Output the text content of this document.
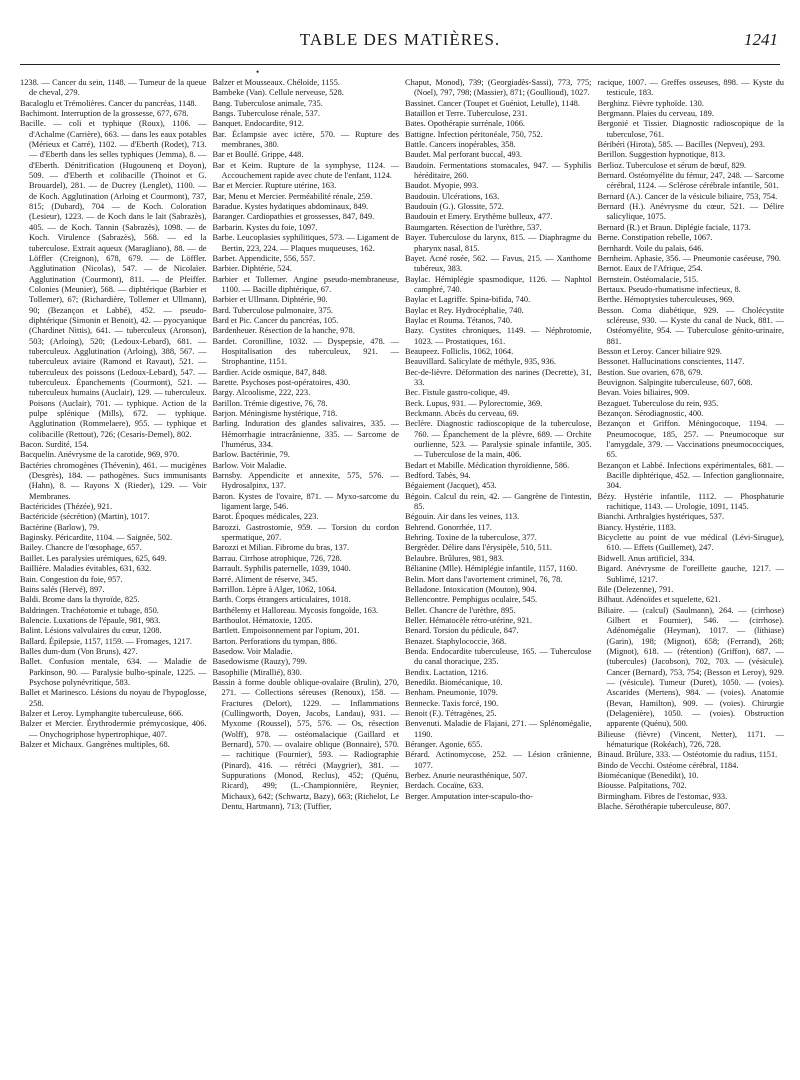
TABLE DES MATIÈRES.	1241
•

1238. — Cancer du sein, 1148. — Tumeur de la queue de cheval, 279.

Bacaloglu et Trémolières. Cancer du pancréas, 1148.

Bachimont. Interruption de la grossesse, 677, 678.

Bacille. — coli et typhique (Roux), 1106. — d'Achalme (Carrière), 663. — dans les eaux potables (Mérieux et Carré), 1102. — d'Eberth (Rodet), 713. — d'Eberth dans les selles typhiques (Jemma), 8. — d'Eberth. Dénitrification (Hugounenq et Doyon), 509. — d'Eberth et colibacille (Thoinot et G. Brouardel), 281. — de Ducrey (Lenglet), 1100. — de Koch. Agglutination (Arloing et Courmont), 737, 815; (Dubard), 704 — de Koch. Coloration (Lesieur), 1223. — de Koch dans le lait (Sabrazès), 405. — de Koch. Tannin (Sabrazès), 1098. — de Koch. Virulence (Sabrazès), 568. — ed la tuberculose. Extrait aqueux (Maragliano), 88. — de Löffler (Creignon), 678, 679. — de Löffler. Agglutination (Nicolas), 547. — de Nicolaïer. Agglutination (Courmont), 811. — de Pfeiffer. Colonies (Meunier), 568. — diphtérique (Barbier et Tollemer), 67; (Richardière, Tollemer et Ullmann), 90; (Bezançon et Labbé), 452. — pseudo-diphtérique (Simonin et Benoit), 42. — pyocyanique (Chardinet Nittis), 641. — tuberculeux (Aronson), 503; (Arloing), 520; (Ledoux-Lebard), 681. — tuberculeux. Agglutination (Arloing), 388, 567. — tuberculeux aviaire (Ramond et Ravaut), 521. — tuberculeux des poissons (Ledoux-Lebard), 547. — tuberculeux. Épanchements (Courmont), 521. — tuberculeux humains (Auclair), 129. — tuberculeux. Poisons (Auclair), 701. — typhique. Action de la pulpe splénique (Mills), 672. — typhique. Agglutination (Rommelaere), 955. — typhique et colibacille (Rettout), 726; (Cesaris-Demel), 802.

Bacon. Surdité, 154.

Bacquelin. Anévrysme de la carotide, 969, 970.

Bactéries chromogènes (Thévenin), 461. — mucigènes (Desgrès), 184. — pathogènes. Sucs immunisants (Hahn), 8. — Rayons X (Rieder), 129. — Voir Membranes.

Bactéricides (Thézée), 921.

Bactéricide (sécrétion) (Martin), 1017.

Bactérine (Barlow), 79.

Baginsky. Péricardite, 1104. — Saignée, 502.

Bailey. Chancre de l'œsophage, 657.

Baillet. Les paralysies urémiques, 625, 649.

Baillière. Maladies évitables, 631, 632.

Bain. Congestion du foie, 957.

Bains salés (Hervé), 897.

Baldi. Brome dans la thyroïde, 825.

Baldringen. Trachéotomie et tubage, 850.

Balencie. Luxations de l'épaule, 981, 983.

Balint. Lésions valvulaires du cœur, 1208.

Ballard. Épilepsie, 1157, 1159. — Fromages, 1217.

Balles dum-dum (Von Bruns), 427.

Ballet. Confusion mentale, 634. — Maladie de Parkinson, 90. — Paralysie bulbo-spinale, 1225. — Psychose polynévritique, 583.

Ballet et Marinesco. Lésions du noyau de l'hypoglosse, 258.

Balzer et Leroy. Lymphangite tuberculeuse, 666.

Balzer et Mercier. Érythrodermie prémycosique, 406. — Onychogriphose hypertrophique, 407.

Balzer et Michaux. Gangrènes multiples, 68.

Balzer et Mousseaux. Chéloïde, 1155.

Bambeke (Van). Cellule nerveuse, 528.

Bang. Tuberculose animale, 735.

Bangs. Tuberculose rénale, 537.

Banquet. Endocardite, 912.

Bar. Éclampsie avec ictère, 570. — Rupture des membranes, 380.

Bar et Boullé. Grippe, 448.

Bar et Keim. Rupture de la symphyse, 1124. — Accouchement rapide avec chute de l'enfant, 1124.

Bar et Mercier. Rupture utérine, 163.

Bar, Menu et Mercier. Perméabilité rénale, 259.

Baradue. Kystes hydatiques abdominaux, 849.

Baranger. Cardiopathies et grossesses, 847, 849.

Barbarin. Kystes du foie, 1097.

Barbe. Leucoplasies syphilitiques, 573. — Ligament de Bertin, 223, 224. — Plaques muqueuses, 162.

Barbet. Appendicite, 556, 557.

Barbier. Diphtérie, 524.

Barbier et Tollemer. Angine pseudo-membraneuse, 1100. — Bacille diphtérique, 67.

Barbier et Ullmann. Diphtérie, 90.

Bard. Tuberculose pulmonaire, 375.

Bard et Pic. Cancer du pancréas, 105.

Bardenheuer. Résection de la hanche, 978.

Bardet. Coronilline, 1032. — Dyspepsie, 478. — Hospitalisation des tuberculeux, 921. — Strophantine, 1151.

Bardier. Acide osmique, 847, 848.

Barette. Psychoses post-opératoires, 430.

Bargy. Alcoolisme, 222, 223.

Barillon. Trémie digestive, 76, 78.

Barjon. Méningisme hystérique, 718.

Barling. Induration des glandes salivaires, 335. — Hémorrhagie intracrânienne, 335. — Sarcome de l'humérus, 334.

Barlow. Bactérinie, 79.

Barlow. Voir Maladie.

Barnsby. Appendicite et annexite, 575, 576. — Hydrosalpinx, 137.

Baron. Kystes de l'ovaire, 871. — Myxo-sarcome du ligament large, 546.

Barot. Époques médicales, 223.

Barozzi. Gastrostomie, 959. — Torsion du cordon spermatique, 207.

Barozzi et Milian. Fibrome du bras, 137.

Barrau. Cirrhose atrophique, 726, 728.

Barrault. Syphilis paternelle, 1039, 1040.

Barré. Aliment de réserve, 345.

Barrillon. Lèpre à Alger, 1062, 1064.

Barth. Corps étrangers articulaires, 1018.

Barthélemy et Halloreau. Mycosis fongoïde, 163.

Barthoulot. Hématoxie, 1205.

Bartlett. Empoisonnement par l'opium, 201.

Barton. Perforations du tympan, 886.

Basedow. Voir Maladie.

Basedowisme (Rauzy), 799.

Basophilie (Mirallié), 830.

Bassin à forme double oblique-ovalaire (Brulin), 270, 271. — Collections séreuses (Renoux), 158. — Fractures (Delort), 1229. — Inflammations (Cullingworth, Doyen, Jacobs, Landau), 931. — Myxome (Roussel), 575, 576. — Os, résection (Wolff), 978. — ostéomalacique (Gaillard et Bernard), 570. — ovalaire oblique (Bonnaire), 570. — rachitique (Fournier), 593. — Radiographie (Pinard), 416. — rétréci (Maygrier), 381. — Suppurations (Monod, Reclus), 452; (Quénu, Ricard), 499; (L.-Championnière, Reynier, Michaux), 642; (Schwartz, Bazy), 663; (Richelot, Le Dentu, Hartmann), 713; (Tuffier,

Chaput, Monod), 739; (Georgiadès-Sassi), 773, 775; (Noel), 797, 798; (Massier), 871; (Goullioud), 1027.

Bassinet. Cancer (Toupet et Guéniot, Letulle), 1148.

Bataillon et Terre. Tuberculose, 231.

Bates. Opothérapie surrénale, 1066.

Battigne. Infection péritonéale, 750, 752.

Battle. Cancers inopérables, 358.

Baudet. Mal perforant buccal, 493.

Baudoin. Fermentations stomacales, 947. — Syphilis héréditaire, 260.

Baudot. Myopie, 993.

Baudouin. Ulcérations, 163.

Baudouin (G.). Glossite, 572.

Baudouin et Emery. Erythème bulleux, 477.

Baumgarten. Résection de l'urèthre, 537.

Bayer. Tuberculose du larynx, 815. — Diaphragme du pharynx nasal, 815.

Bayet. Acné rosée, 562. — Favus, 215. — Xanthome tubéreux, 383.

Baylac. Hémiplégie spasmodique, 1126. — Naphtol camphré, 740.

Baylac et Lagriffe. Spina-bifida, 740.

Baylac et Rey. Hydrocéphalie, 740.

Baylac et Rouma. Tétanos, 740.

Bazy. Cystites chroniques, 1149. — Néphrotomie, 1023. — Prostatiques, 161.

Beaupeez. Folliclis, 1062, 1064.

Beauvillard. Salicylate de méthyle, 935, 936.

Bec-de-lièvre. Déformation des narines (Decrette), 31, 33.

Bec. Fistule gastro-colique, 49.

Beck. Lupus, 931. — Pylorectomie, 369.

Beckmann. Abcès du cerveau, 69.

Beclère. Diagnostic radioscopique de la tuberculose, 760. — Épanchement de la plèvre, 689. — Orchite ourlienne, 523. — Paralysie spinale infantile, 305. — Tuberculose de la main, 406.

Bedart et Mabille. Médication thyroïdienne, 586.

Bedford. Tabès, 94.

Bégaiement (Jacquet), 453.

Bégoin. Calcul du rein, 42. — Gangrène de l'intestin, 85.

Bégouin. Air dans les veines, 113.

Behrend. Gonorrhée, 117.

Behring. Toxine de la tuberculose, 377.

Bergrèder. Délire dans l'érysipèle, 510, 511.

Belaubre. Brûlures, 981, 983.

Bélianine (Mlle). Hémiplégie infantile, 1157, 1160.

Belin. Mort dans l'avortement criminel, 76, 78.

Belladone. Intoxication (Mouton), 904.

Bellencontre. Pemphigus oculaire, 545.

Bellet. Chancre de l'urèthre, 895.

Beller. Hématocèle rétro-utérine, 921.

Benard. Torsion du pédicule, 847.

Benazet. Staphylococcie, 368.

Benda. Endocardite tuberculeuse, 165. — Tuberculose du canal thoracique, 235.

Bendix. Lactation, 1216.

Benedikt. Biomécanique, 10.

Benham. Pneumonie, 1079.

Bennecke. Taxis forcé, 190.

Benoit (F.). Tétragènes, 25.

Benvenuti. Maladie de Flajani, 271. — Splénomégalie, 1190.

Béranger. Agonie, 655.

Bérard. Actinomycose, 252. — Lésion crânienne, 1077.

Berbez. Anurie neurasthénique, 507.

Berdach. Cocaïne, 633.

Berger. Amputation inter-scapulo-tho-

racique, 1007. — Greffes osseuses, 898. — Kyste du testicule, 183.

Berghinz. Fièvre typhoïde. 130.

Bergmann. Plaies du cerveau, 189.

Bergonié et Tissier. Diagnostic radioscopique de la tuberculose, 761.

Béribéri (Hirota), 585. — Bacilles (Nepveu), 293.

Berillon. Suggestion hypnotique, 813.

Berlioz. Tuberculose et sérum de bœuf, 829.

Bernard. Ostéomyélite du fémur, 247, 248. — Sarcome cérébral, 1124. — Sclérose cérébrale infantile, 501.

Bernard (A.). Cancer de la vésicule biliaire, 753, 754.

Bernard (H.). Anévrysme du cœur, 521. — Délire salicylique, 1075.

Bernard (R.) et Braun. Diplégie faciale, 1173.

Berne. Constipation rebelle, 1067.

Bernhardt. Voile du palais, 646.

Bernheim. Aphasie, 356. — Pneumonie caséeuse, 790.

Bernot. Eaux de l'Afrique, 254.

Bernstein. Ostéomalacie, 515.

Bertaux. Pseudo-rhumatisme infectieux, 8.

Berthe. Hémoptysies tuberculeuses, 969.

Besson. Coma diabétique, 929. — Cholécystite scléreuse, 930. — Kyste du canal de Nuck, 881. — Ostéomyélite, 954. — Tuberculose génito-urinaire, 881.

Besson et Leroy. Cancer biliaire 929.

Bessonet. Hallucinations conscientes, 1147.

Bestion. Sue ovarien, 678, 679.

Beuvignon. Salpingite tuberculeuse, 607, 608.

Bevan. Voies biliaires, 909.

Bezaguet. Tuberculose du rein, 935.

Bezançon. Sérodiagnostic, 400.

Bezançon et Griffon. Méningocoque, 1194. — Pneumocoque, 185, 257. — Pneumocoque sur l'amygdale, 379. — Vaccinations pneumococciques, 65.

Bezançon et Labbé. Infections expérimentales, 681. — Bacille diphtérique, 452. — Infection ganglionnaire, 304.

Bézy. Hystérie infantile, 1112. — Phosphaturie rachitique, 1143. — Urologie, 1091, 1145.

Bianchi. Arthralgies hystériques, 537.

Biancy. Hystérie, 1183.

Bicyclette au point de vue médical (Lévi-Sirugue), 610. — Effets (Guillemet), 247.

Bidwell. Anus artificiel, 334.

Bigard. Anévrysme de l'oreillette gauche, 1217. — Sublimé, 1217.

Bile (Delezenne), 791.

Bilhaut. Adénoïdes et squelette, 621.

Biliaire. — (calcul) (Saulmann), 264. — (cirrhose) Gilbert et Fournier), 546. — (cirrhose). Adénomégalie (Heyman), 1017. — (lithiase) (Garin), 198; (Mignot), 658; (Ferrand), 268; (Mignot), 618. — (rétention) (Griffon), 687. — (tubercules) (Jacobson), 702, 703. — (vésicule). Cancer (Bernard), 753, 754; (Besson et Leroy), 929. — (vésicule). Tumeur (Duret), 1050. — (voies). Ascarides (Mertens), 984. — (voies). Anatomie (Bevan, Hamilton), 909. — (voies). Chirurgie (Delagenière), 1050. — (voies). Obstruction apparente (Quénu), 500.

Bilieuse (fièvre) (Vincent, Netter), 1171. — hématurique (Rokéach), 726, 728.

Binaud. Brûlure, 333. — Ostéotomie du radius, 1151.

Bindo de Vecchi. Ostéome cérébral, 1184.

Biomécanique (Benedikt), 10.

Biousse. Palpitations, 702.

Birmingham. Fibres de l'estomac, 933.

Blache. Sérothérapie tuberculeuse, 807.
